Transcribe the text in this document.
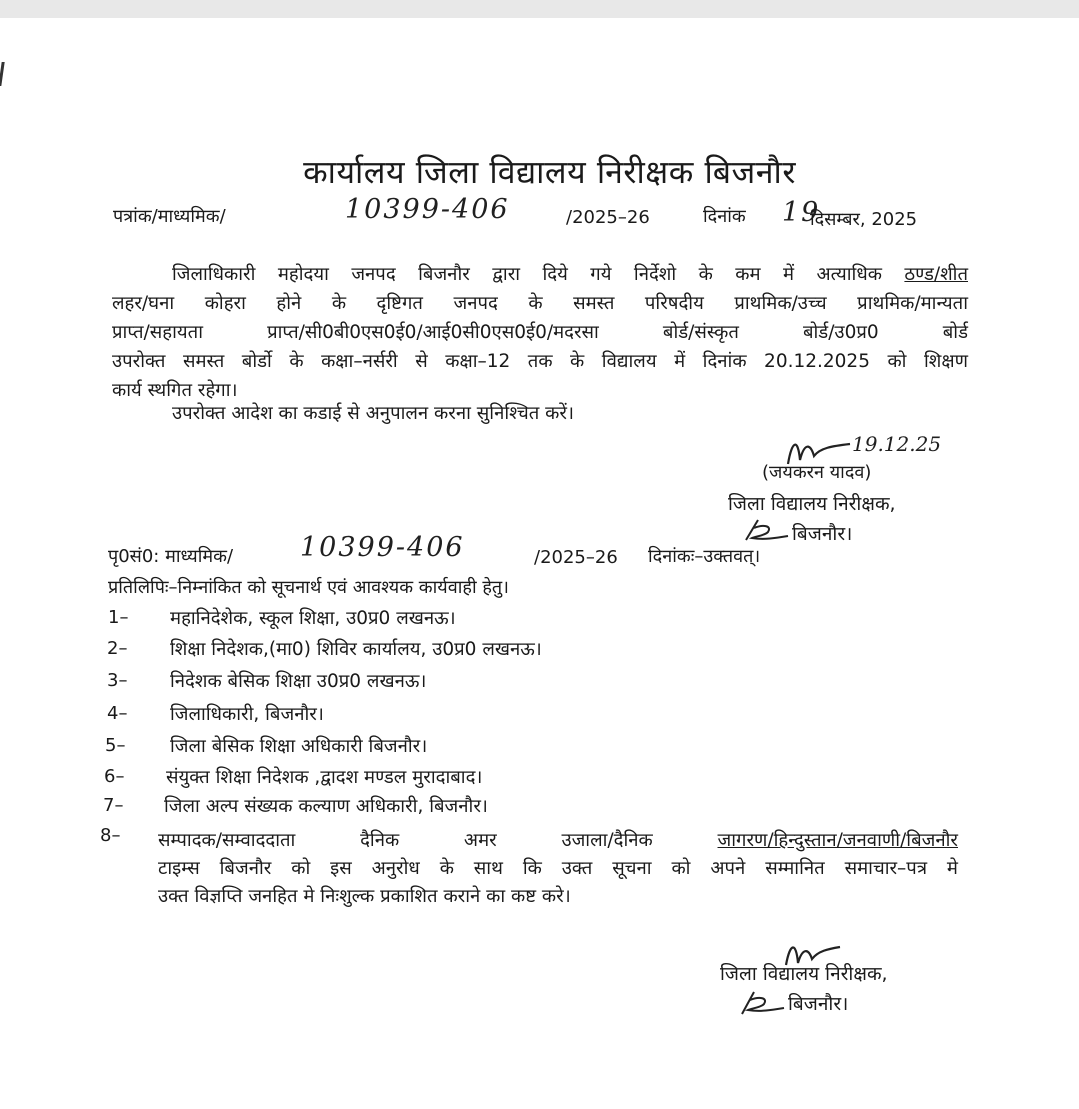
कार्यालय जिला विद्यालय निरीक्षक बिजनौर
पत्रांक/माध्यमिक/	10399-406	/2025–26	दिनांक 19
दिसम्बर, 2025
जिलाधिकारी महोदया जनपद बिजनौर द्वारा दिये गये निर्देशो के कम में अत्याधिक ठण्ड/शीत
लहर/घना कोहरा होने के दृष्टिगत जनपद के समस्त परिषदीय प्राथमिक/उच्च प्राथमिक/मान्यता
प्राप्त/सहायता प्राप्त/सी0बी0एस0ई0/आई0सी0एस0ई0/मदरसा बोर्ड/संस्कृत बोर्ड/उ0प्र0 बोर्ड
उपरोक्त समस्त बोर्डो के कक्षा–नर्सरी से कक्षा–12 तक के विद्यालय में दिनांक 20.12.2025 को शिक्षण
कार्य स्थगित रहेगा।
उपरोक्त आदेश का कडाई से अनुपालन करना सुनिश्चित करें।
19.12.25
(जयकरन यादव)
जिला विद्यालय निरीक्षक,
बिजनौर।
पृ0सं0: माध्यमिक/ 10399-406	/2025–26 दिनांकः–उक्तवत्।
प्रतिलिपिः–निम्नांकित को सूचनार्थ एवं आवश्यक कार्यवाही हेतु।
1– महानिदेशेक, स्कूल शिक्षा, उ0प्र0 लखनऊ।
2– शिक्षा निदेशक,(मा0) शिविर कार्यालय, उ0प्र0 लखनऊ।
3– निदेशक बेसिक शिक्षा उ0प्र0 लखनऊ।
4– जिलाधिकारी, बिजनौर।
5– जिला बेसिक शिक्षा अधिकारी बिजनौर।
6– संयुक्त शिक्षा निदेशक ,द्वादश मण्डल मुरादाबाद।
7– जिला अल्प संख्यक कल्याण अधिकारी, बिजनौर।
8– सम्पादक/सम्वाददाता दैनिक अमर उजाला/दैनिक	जागरण/हिन्दुस्तान/जनवाणी/बिजनौर
टाइम्स बिजनौर को इस अनुरोध के साथ कि उक्त सूचना को अपने सम्मानित समाचार–पत्र मे
उक्त विज्ञप्ति जनहित मे निःशुल्क प्रकाशित कराने का कष्ट करे।
जिला विद्यालय निरीक्षक,
बिजनौर।
